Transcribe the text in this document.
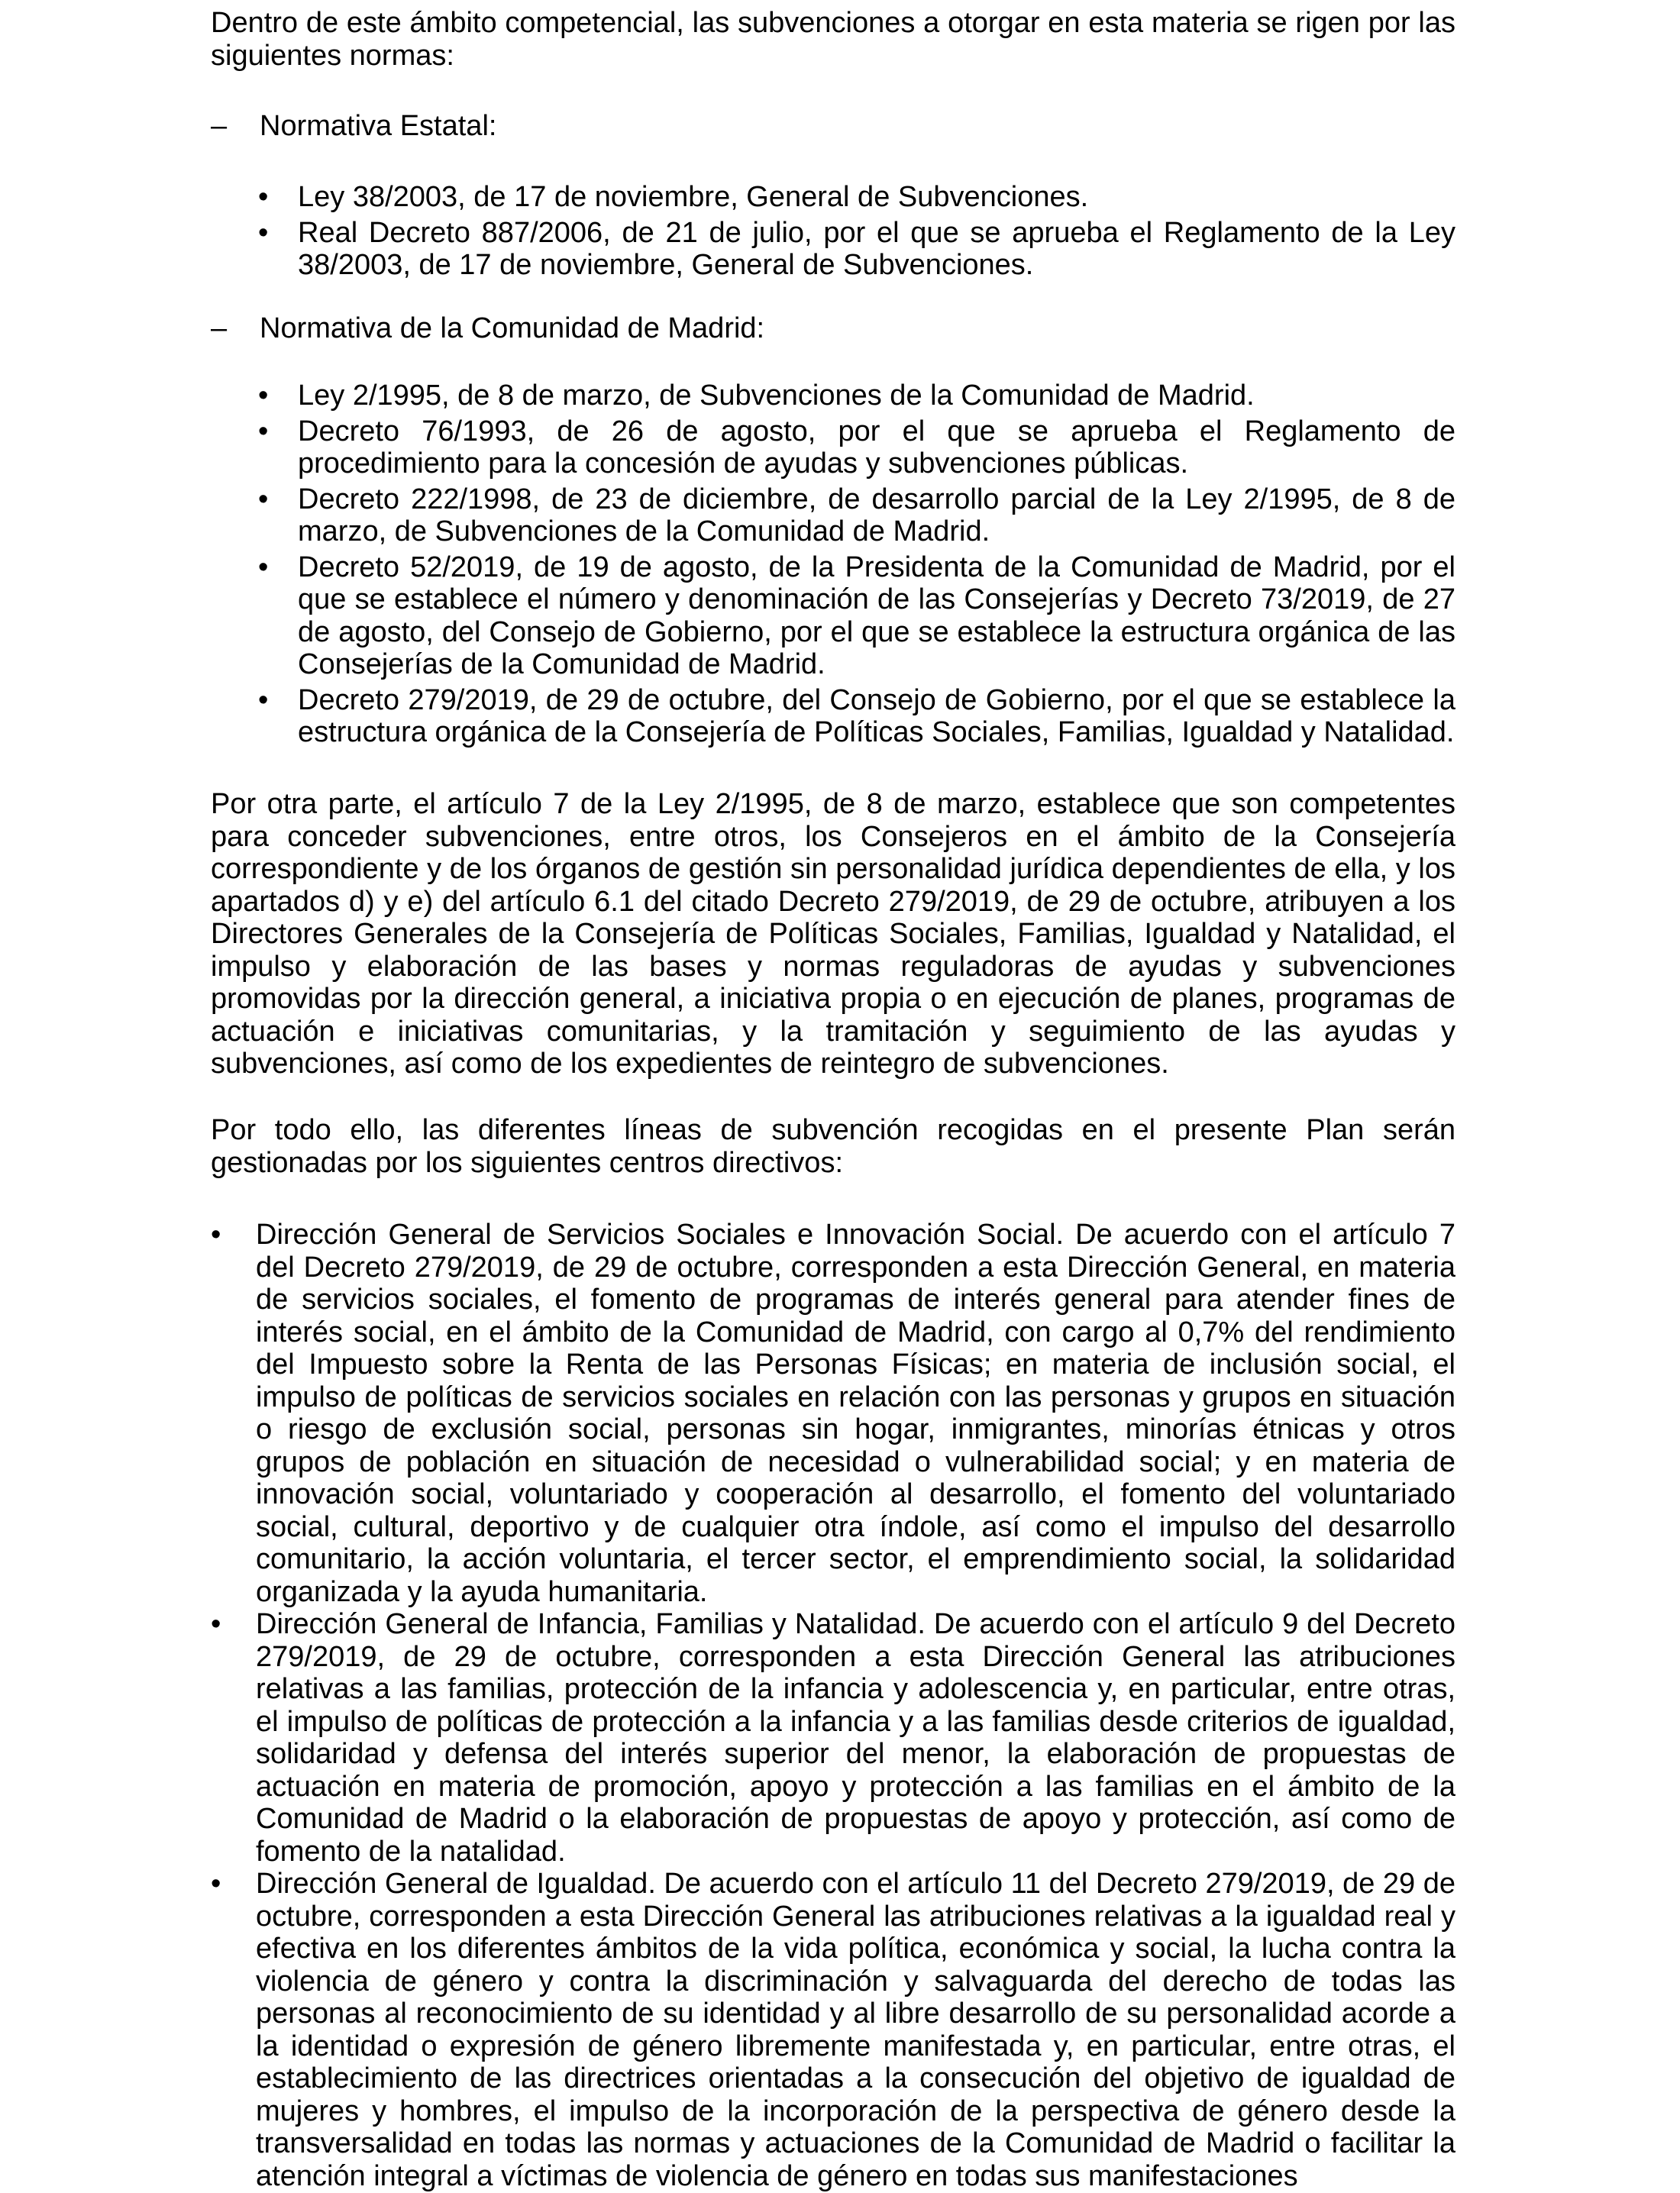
Dentro de este ámbito competencial, las subvenciones a otorgar en esta materia se rigen por las siguientes normas:
– Normativa Estatal:
• Ley 38/2003, de 17 de noviembre, General de Subvenciones.
• Real Decreto 887/2006, de 21 de julio, por el que se aprueba el Reglamento de la Ley 38/2003, de 17 de noviembre, General de Subvenciones.
– Normativa de la Comunidad de Madrid:
• Ley 2/1995, de 8 de marzo, de Subvenciones de la Comunidad de Madrid.
• Decreto 76/1993, de 26 de agosto, por el que se aprueba el Reglamento de procedimiento para la concesión de ayudas y subvenciones públicas.
• Decreto 222/1998, de 23 de diciembre, de desarrollo parcial de la Ley 2/1995, de 8 de marzo, de Subvenciones de la Comunidad de Madrid.
• Decreto 52/2019, de 19 de agosto, de la Presidenta de la Comunidad de Madrid, por el que se establece el número y denominación de las Consejerías y Decreto 73/2019, de 27 de agosto, del Consejo de Gobierno, por el que se establece la estructura orgánica de las Consejerías de la Comunidad de Madrid.
• Decreto 279/2019, de 29 de octubre, del Consejo de Gobierno, por el que se establece la estructura orgánica de la Consejería de Políticas Sociales, Familias, Igualdad y Natalidad.
Por otra parte, el artículo 7 de la Ley 2/1995, de 8 de marzo, establece que son competentes para conceder subvenciones, entre otros, los Consejeros en el ámbito de la Consejería correspondiente y de los órganos de gestión sin personalidad jurídica dependientes de ella, y los apartados d) y e) del artículo 6.1 del citado Decreto 279/2019, de 29 de octubre, atribuyen a los Directores Generales de la Consejería de Políticas Sociales, Familias, Igualdad y Natalidad, el impulso y elaboración de las bases y normas reguladoras de ayudas y subvenciones promovidas por la dirección general, a iniciativa propia o en ejecución de planes, programas de actuación e iniciativas comunitarias, y la tramitación y seguimiento de las ayudas y subvenciones, así como de los expedientes de reintegro de subvenciones.
Por todo ello, las diferentes líneas de subvención recogidas en el presente Plan serán gestionadas por los siguientes centros directivos:
• Dirección General de Servicios Sociales e Innovación Social. De acuerdo con el artículo 7 del Decreto 279/2019, de 29 de octubre, corresponden a esta Dirección General, en materia de servicios sociales, el fomento de programas de interés general para atender fines de interés social, en el ámbito de la Comunidad de Madrid, con cargo al 0,7% del rendimiento del Impuesto sobre la Renta de las Personas Físicas; en materia de inclusión social, el impulso de políticas de servicios sociales en relación con las personas y grupos en situación o riesgo de exclusión social, personas sin hogar, inmigrantes, minorías étnicas y otros grupos de población en situación de necesidad o vulnerabilidad social; y en materia de innovación social, voluntariado y cooperación al desarrollo, el fomento del voluntariado social, cultural, deportivo y de cualquier otra índole, así como el impulso del desarrollo comunitario, la acción voluntaria, el tercer sector, el emprendimiento social, la solidaridad organizada y la ayuda humanitaria.
• Dirección General de Infancia, Familias y Natalidad. De acuerdo con el artículo 9 del Decreto 279/2019, de 29 de octubre, corresponden a esta Dirección General las atribuciones relativas a las familias, protección de la infancia y adolescencia y, en particular, entre otras, el impulso de políticas de protección a la infancia y a las familias desde criterios de igualdad, solidaridad y defensa del interés superior del menor, la elaboración de propuestas de actuación en materia de promoción, apoyo y protección a las familias en el ámbito de la Comunidad de Madrid o la elaboración de propuestas de apoyo y protección, así como de fomento de la natalidad.
• Dirección General de Igualdad. De acuerdo con el artículo 11 del Decreto 279/2019, de 29 de octubre, corresponden a esta Dirección General las atribuciones relativas a la igualdad real y efectiva en los diferentes ámbitos de la vida política, económica y social, la lucha contra la violencia de género y contra la discriminación y salvaguarda del derecho de todas las personas al reconocimiento de su identidad y al libre desarrollo de su personalidad acorde a la identidad o expresión de género libremente manifestada y, en particular, entre otras, el establecimiento de las directrices orientadas a la consecución del objetivo de igualdad de mujeres y hombres, el impulso de la incorporación de la perspectiva de género desde la transversalidad en todas las normas y actuaciones de la Comunidad de Madrid o facilitar la atención integral a víctimas de violencia de género en todas sus manifestaciones
